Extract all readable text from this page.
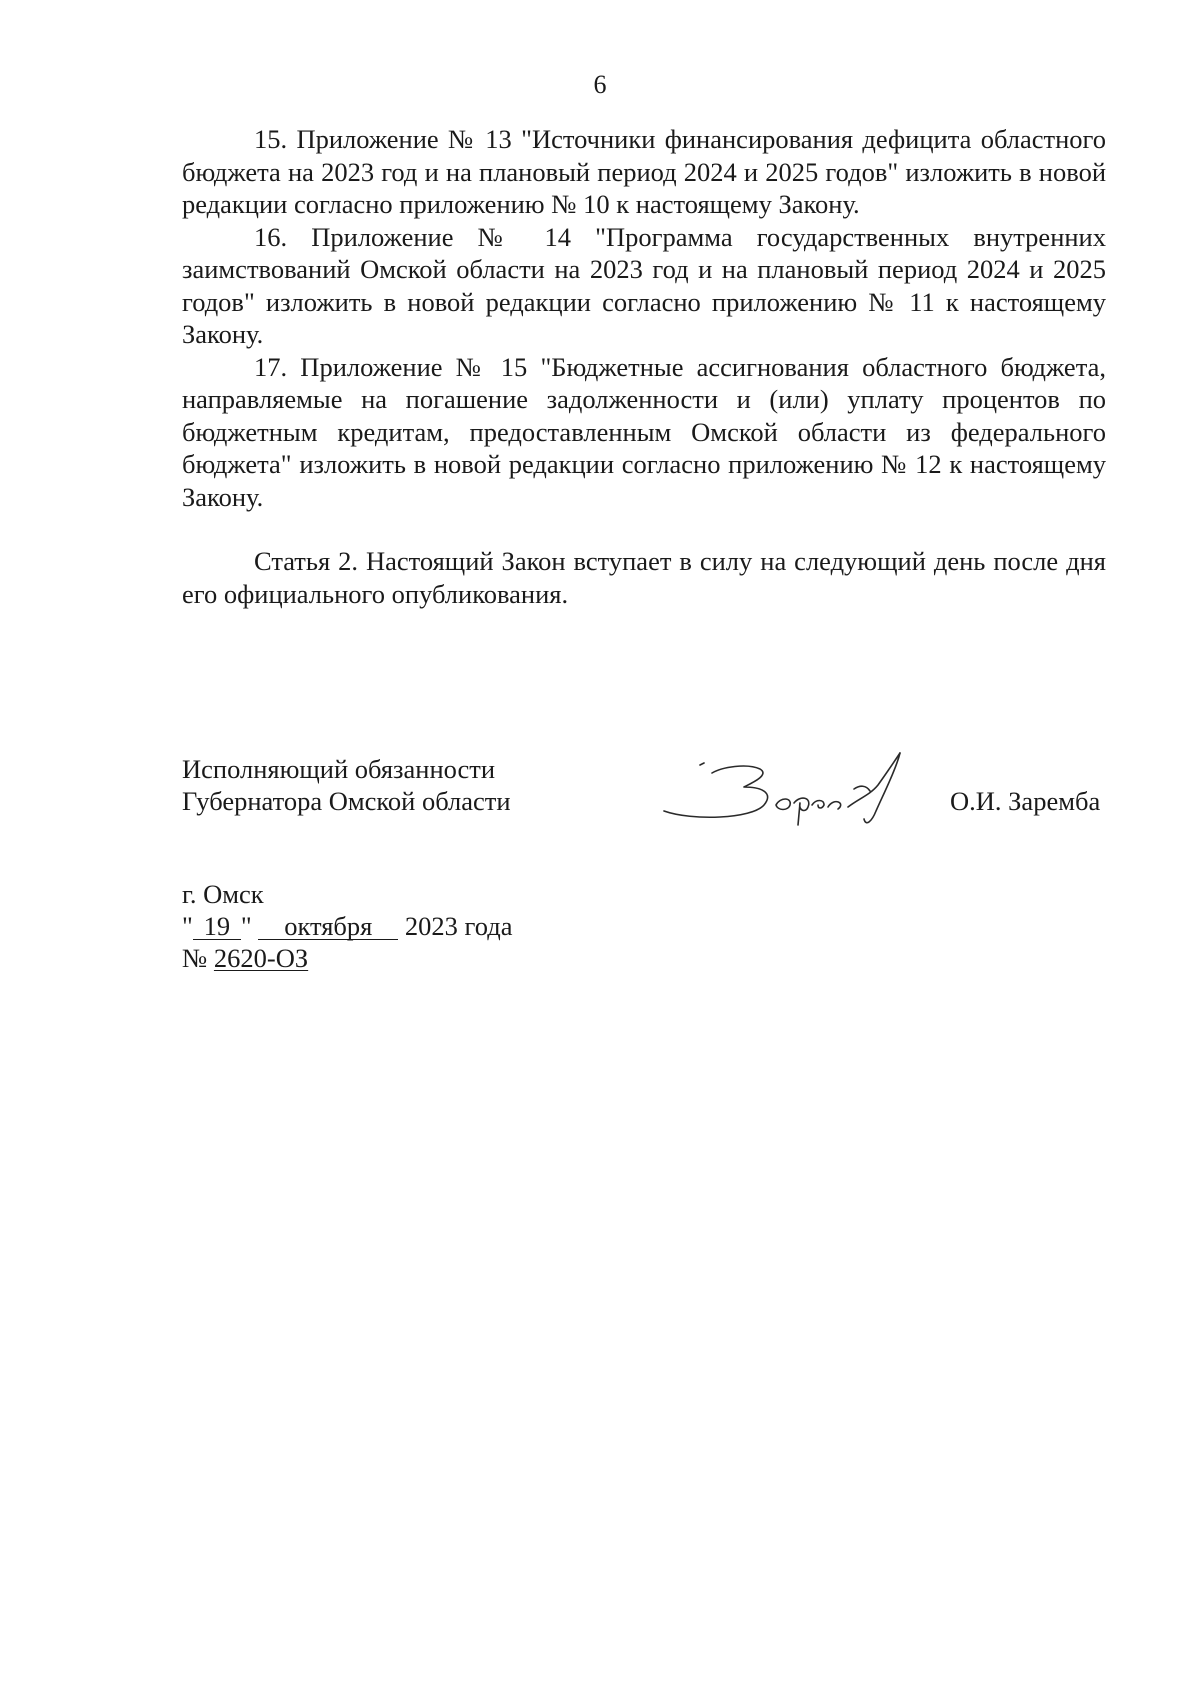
6

15. Приложение № 13 "Источники финансирования дефицита областного бюджета на 2023 год и на плановый период 2024 и 2025 годов" изложить в новой редакции согласно приложению № 10 к настоящему Закону.

16. Приложение № 14 "Программа государственных внутренних заимствований Омской области на 2023 год и на плановый период 2024 и 2025 годов" изложить в новой редакции согласно приложению № 11 к настоящему Закону.

17. Приложение № 15 "Бюджетные ассигнования областного бюджета, направляемые на погашение задолженности и (или) уплату процентов по бюджетным кредитам, предоставленным Омской области из федерального бюджета" изложить в новой редакции согласно приложению № 12 к настоящему Закону.

Статья 2. Настоящий Закон вступает в силу на следующий день после дня его официального опубликования.

Исполняющий обязанности
Губернатора Омской области	О.И. Заремба
г. Омск
" 19 " октября 2023 года
№ 2620-ОЗ
